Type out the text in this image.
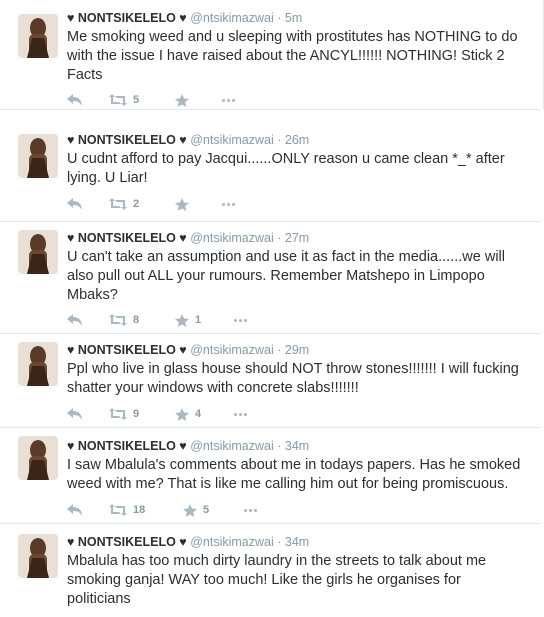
♥ NONTSIKELELO ♥ @ntsikimazwai · 5m
Me smoking weed and u sleeping with prostitutes has NOTHING to do with the issue I have raised about the ANCYL!!!!!! NOTHING! Stick 2 Facts
5
♥ NONTSIKELELO ♥ @ntsikimazwai · 26m
U cudnt afford to pay Jacqui......ONLY reason u came clean *_* after lying. U Liar!
2
♥ NONTSIKELELO ♥ @ntsikimazwai · 27m
U can't take an assumption and use it as fact in the media......we will also pull out ALL your rumours. Remember Matshepo in Limpopo Mbaks?
8	1
♥ NONTSIKELELO ♥ @ntsikimazwai · 29m
Ppl who live in glass house should NOT throw stones!!!!!!! I will fucking shatter your windows with concrete slabs!!!!!!!
9	4
♥ NONTSIKELELO ♥ @ntsikimazwai · 34m
I saw Mbalula's comments about me in todays papers. Has he smoked weed with me? That is like me calling him out for being promiscuous.
18	5
♥ NONTSIKELELO ♥ @ntsikimazwai · 34m
Mbalula has too much dirty laundry in the streets to talk about me smoking ganja! WAY too much! Like the girls he organises for politicians
